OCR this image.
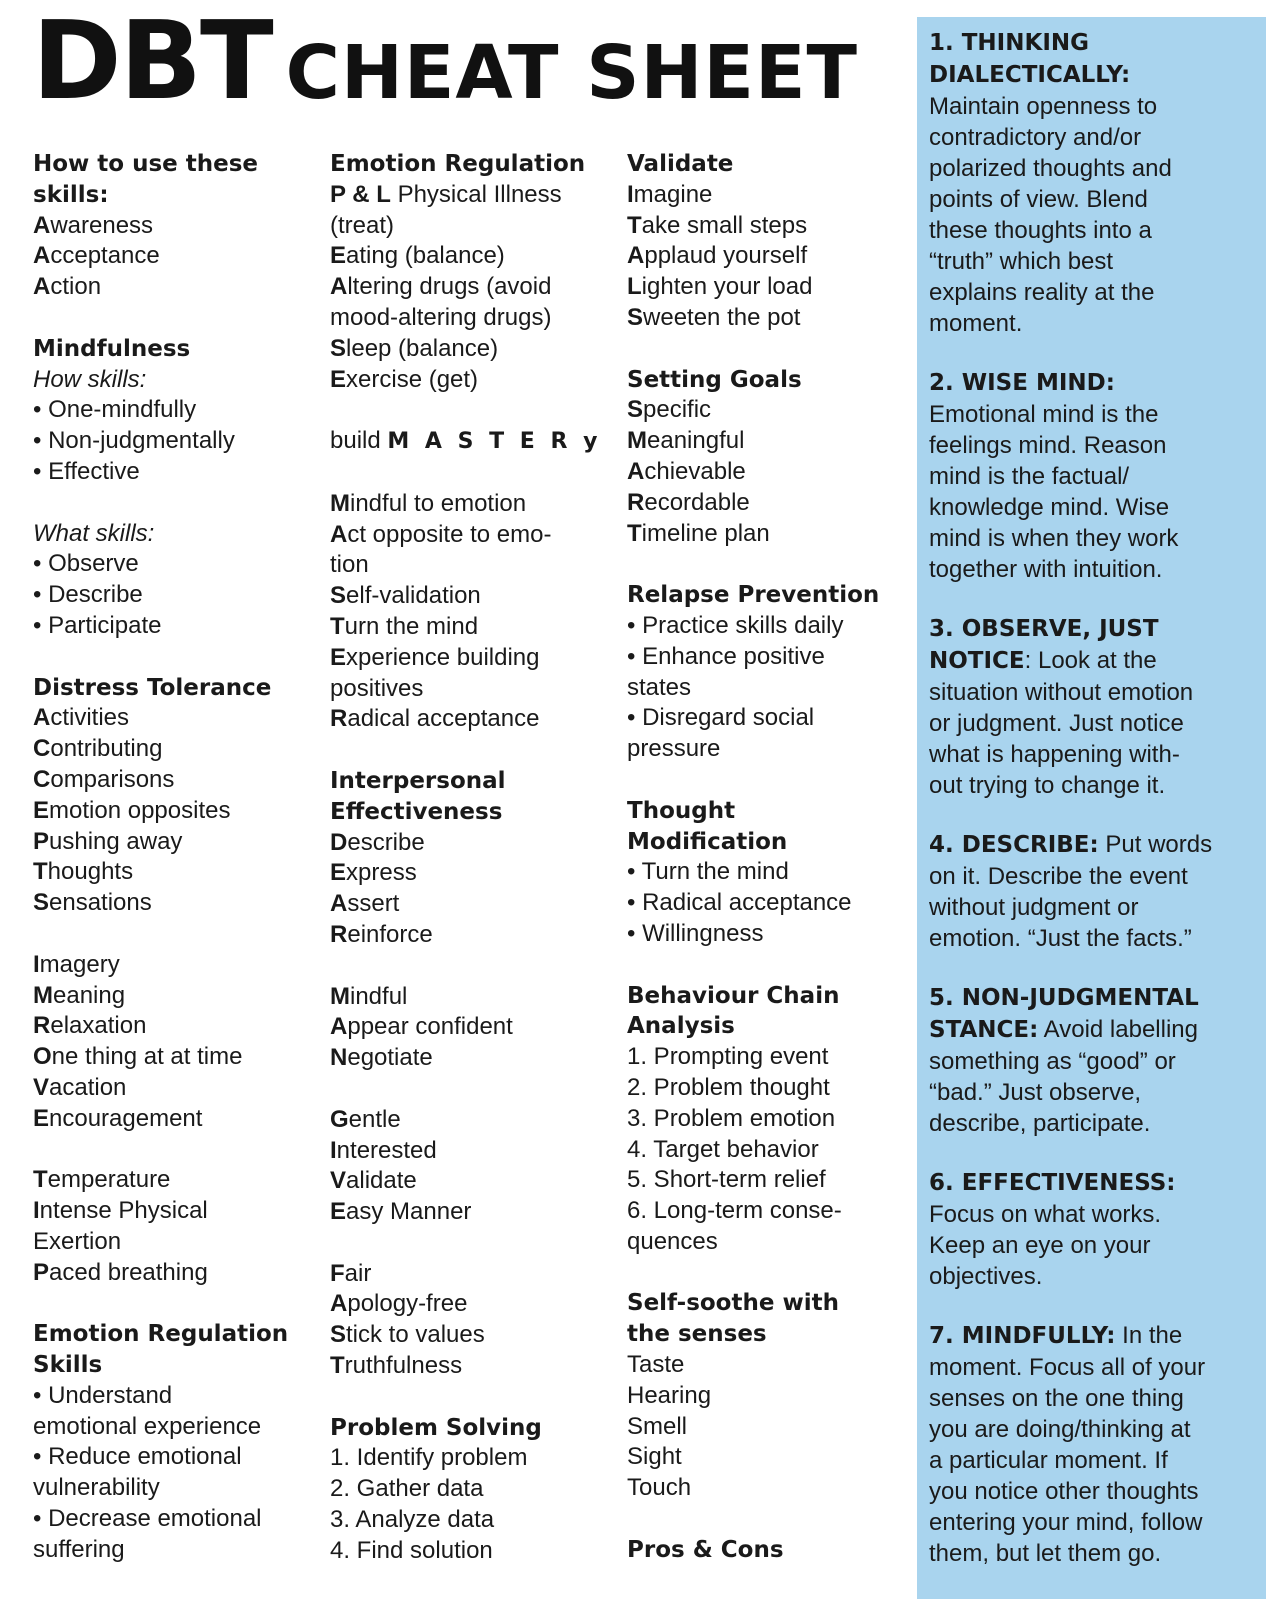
DBT CHEAT SHEET
How to use these
skills:
Awareness
Acceptance
Action
Mindfulness
How skills:
• One-mindfully
• Non-judgmentally
• Effective
What skills:
• Observe
• Describe
• Participate
Distress Tolerance
Activities
Contributing
Comparisons
Emotion opposites
Pushing away
Thoughts
Sensations
Imagery
Meaning
Relaxation
One thing at at time
Vacation
Encouragement
Temperature
Intense Physical
Exertion
Paced breathing
Emotion Regulation
Skills
• Understand
emotional experience
• Reduce emotional
vulnerability
• Decrease emotional
suffering
Emotion Regulation
P & L Physical Illness
(treat)
Eating (balance)
Altering drugs (avoid
mood-altering drugs)
Sleep (balance)
Exercise (get)
build M A S T E R y
Mindful to emotion
Act opposite to emo-
tion
Self-validation
Turn the mind
Experience building
positives
Radical acceptance
Interpersonal
Effectiveness
Describe
Express
Assert
Reinforce
Mindful
Appear confident
Negotiate
Gentle
Interested
Validate
Easy Manner
Fair
Apology-free
Stick to values
Truthfulness
Problem Solving
1. Identify problem
2. Gather data
3. Analyze data
4. Find solution
Validate
Imagine
Take small steps
Applaud yourself
Lighten your load
Sweeten the pot
Setting Goals
Specific
Meaningful
Achievable
Recordable
Timeline plan
Relapse Prevention
• Practice skills daily
• Enhance positive
states
• Disregard social
pressure
Thought
Modification
• Turn the mind
• Radical acceptance
• Willingness
Behaviour Chain
Analysis
1. Prompting event
2. Problem thought
3. Problem emotion
4. Target behavior
5. Short-term relief
6. Long-term conse-
quences
Self-soothe with
the senses
Taste
Hearing
Smell
Sight
Touch
Pros & Cons
1. THINKING
DIALECTICALLY:
Maintain openness to
contradictory and/or
polarized thoughts and
points of view. Blend
these thoughts into a
“truth” which best
explains reality at the
moment.
2. WISE MIND:
Emotional mind is the
feelings mind. Reason
mind is the factual/
knowledge mind. Wise
mind is when they work
together with intuition.
3. OBSERVE, JUST
NOTICE: Look at the
situation without emotion
or judgment. Just notice
what is happening with-
out trying to change it.
4. DESCRIBE: Put words
on it. Describe the event
without judgment or
emotion. “Just the facts.”
5. NON-JUDGMENTAL
STANCE: Avoid labelling
something as “good” or
“bad.” Just observe,
describe, participate.
6. EFFECTIVENESS:
Focus on what works.
Keep an eye on your
objectives.
7. MINDFULLY: In the
moment. Focus all of your
senses on the one thing
you are doing/thinking at
a particular moment. If
you notice other thoughts
entering your mind, follow
them, but let them go.
